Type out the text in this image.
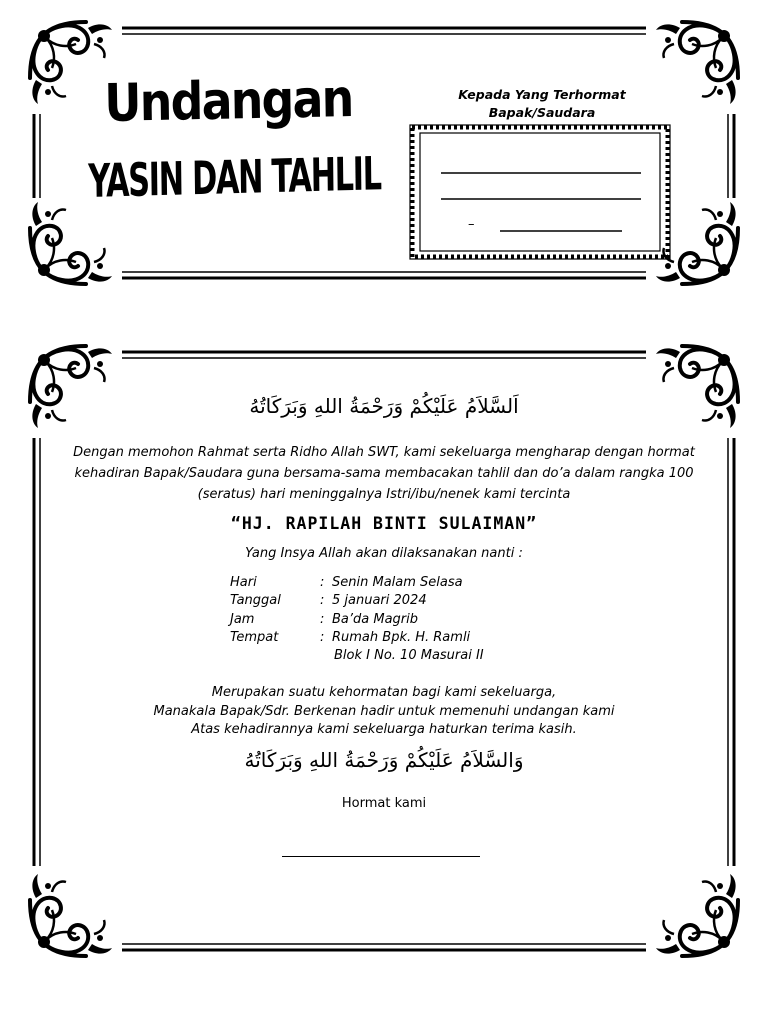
Undangan
YASIN DAN TAHLIL
Kepada Yang Terhormat
Bapak/Saudara
–
اَلسَّلاَمُ عَلَيْكُمْ وَرَحْمَةُ اللهِ وَبَرَكَاتُهُ

Dengan memohon Rahmat serta Ridho Allah SWT, kami sekeluarga mengharap dengan hormat kehadiran Bapak/Saudara guna bersama-sama membacakan tahlil dan do’a dalam rangka 100 (seratus) hari meninggalnya Istri/ibu/nenek kami tercinta

“HJ. RAPILAH BINTI SULAIMAN”
Yang Insya Allah akan dilaksanakan nanti :
Hari	: Senin Malam Selasa
Tanggal	: 5 januari 2024
Jam	: Ba’da Magrib
Tempat	: Rumah Bpk. H. Ramli
Blok I No. 10 Masurai II
Merupakan suatu kehormatan bagi kami sekeluarga,
Manakala Bapak/Sdr. Berkenan hadir untuk memenuhi undangan kami
Atas kehadirannya kami sekeluarga haturkan terima kasih.
وَالسَّلاَمُ عَلَيْكُمْ وَرَحْمَةُ اللهِ وَبَرَكَاتُهُ
Hormat kami
